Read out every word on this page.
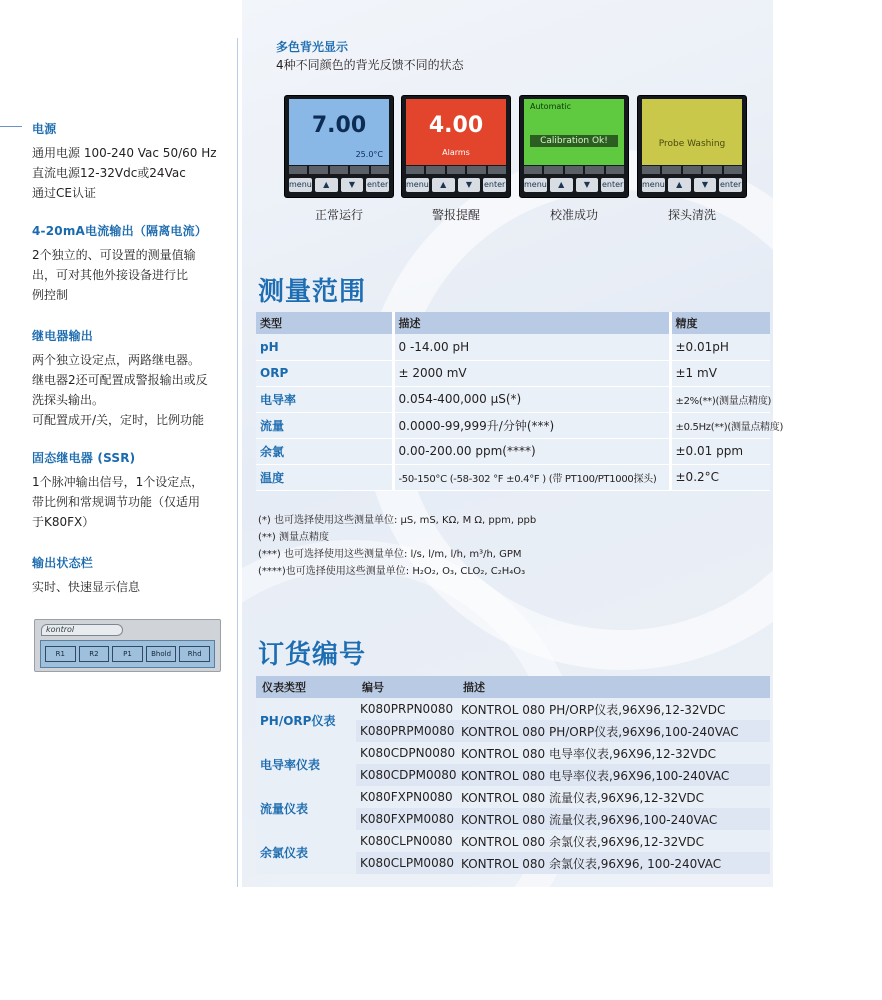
电源

通用电源 100-240 Vac 50/60 Hz

直流电源12-32Vdc或24Vac

通过CE认证

4-20mA电流输出（隔离电流）

2个独立的、可设置的测量值输

出，可对其他外接设备进行比

例控制

继电器输出

两个独立设定点，两路继电器。

继电器2还可配置成警报输出或反

洗探头输出。

可配置成开/关，定时，比例功能

固态继电器 (SSR)

1个脉冲输出信号，1个设定点，

带比例和常规调节功能（仅适用

于K80FX）

输出状态栏

实时、快速显示信息

kontrol
R1	R2	P1	Bhold	Rhd
多色背光显示
4种不同颜色的背光反馈不同的状态
7.00
25.0°C
menu	▲	▼	enter
正常运行
4.00
Alarms
menu	▲	▼	enter
警报提醒
Automatic
Calibration Ok!
menu	▲	▼	enter
校准成功
Probe Washing
menu	▲	▼	enter
探头清洗
测量范围
类型	描述	精度
pH	0 -14.00 pH	±0.01pH
ORP	± 2000 mV	±1 mV
电导率	0.054-400,000 μS(*)	±2%(**)(测量点精度)
流量	0.0000-99,999升/分钟(***)	±0.5Hz(**)(测量点精度)
余氯	0.00-200.00 ppm(****)	±0.01 ppm
温度	-50-150°C (-58-302 °F ±0.4°F ) (带 PT100/PT1000探头)	±0.2°C
(*) 也可选择使用这些测量单位: μS, mS, KΩ, M Ω, ppm, ppb
(**) 测量点精度
(***) 也可选择使用这些测量单位: l/s, l/m, l/h, m³/h, GPM
(****)也可选择使用这些测量单位: H₂O₂, O₃, CLO₂, C₂H₄O₃
订货编号
仪表类型	编号	描述
PH/ORP仪表	K080PRPN0080	KONTROL 080 PH/ORP仪表,96X96,12-32VDC
	K080PRPM0080	KONTROL 080 PH/ORP仪表,96X96,100-240VAC
电导率仪表	K080CDPN0080	KONTROL 080 电导率仪表,96X96,12-32VDC
	K080CDPM0080	KONTROL 080 电导率仪表,96X96,100-240VAC
流量仪表	K080FXPN0080	KONTROL 080 流量仪表,96X96,12-32VDC
	K080FXPM0080	KONTROL 080 流量仪表,96X96,100-240VAC
余氯仪表	K080CLPN0080	KONTROL 080 余氯仪表,96X96,12-32VDC
	K080CLPM0080	KONTROL 080 余氯仪表,96X96, 100-240VAC
